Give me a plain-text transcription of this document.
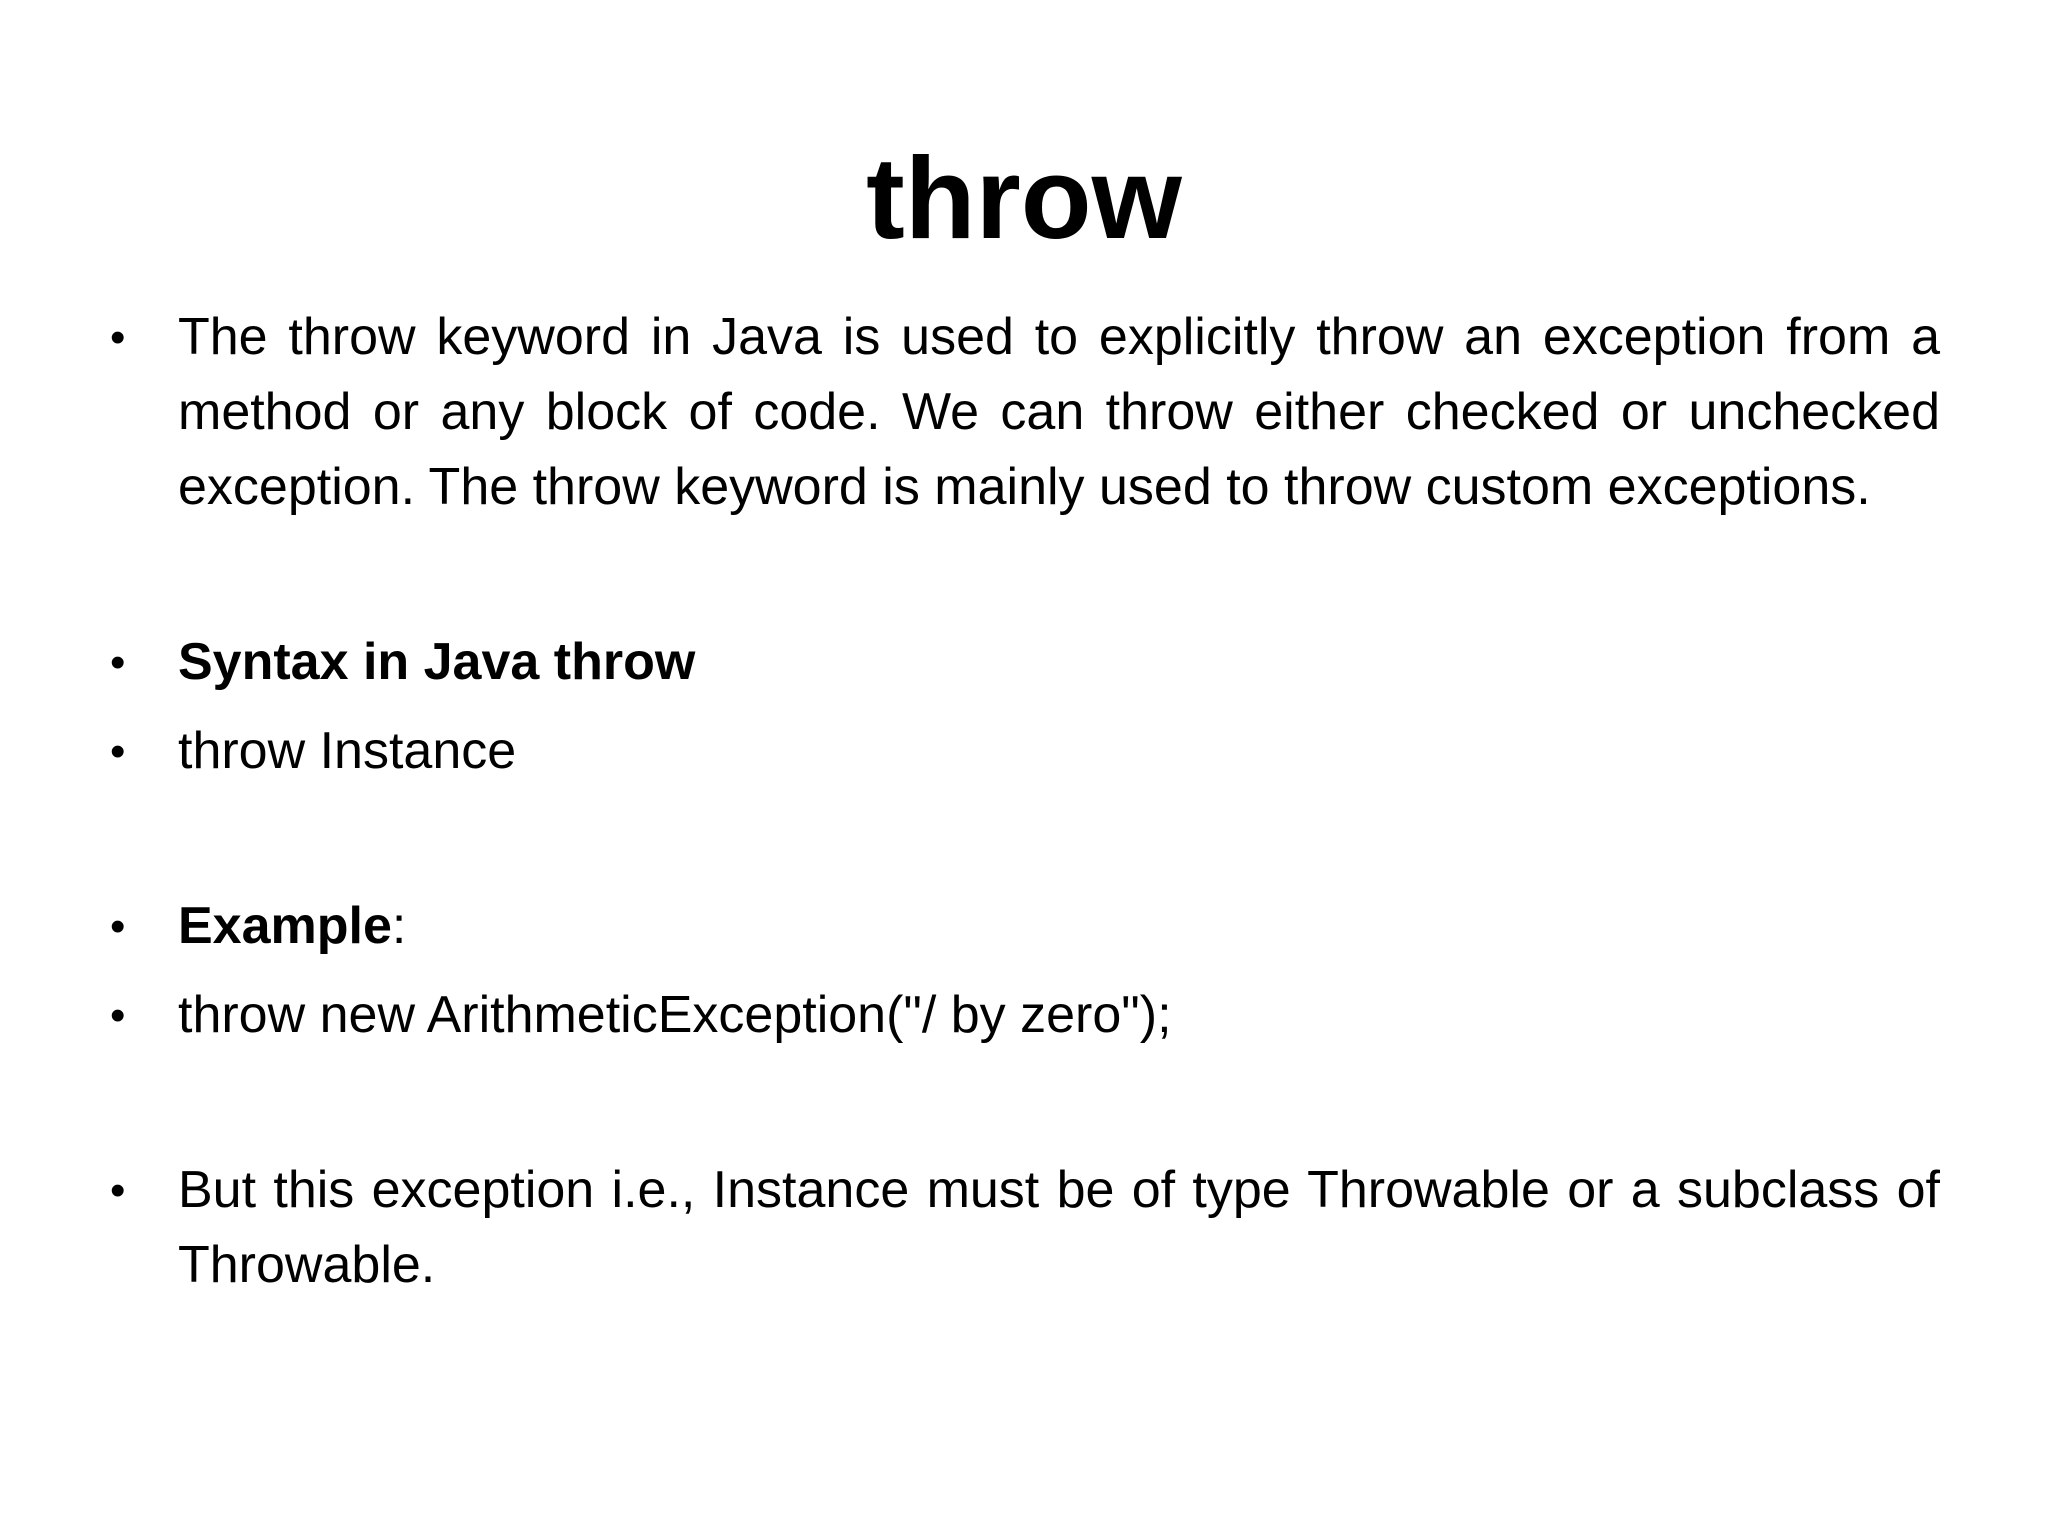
throw

•	The throw keyword in Java is used to explicitly throw an exception from a method or any block of code. We can throw either checked or unchecked exception. The throw keyword is mainly used to throw custom exceptions.

•	Syntax in Java throw

•	throw Instance

•	Example:

•	throw new ArithmeticException("/ by zero");

•	But this exception i.e., Instance must be of type Throwable or a subclass of Throwable.
